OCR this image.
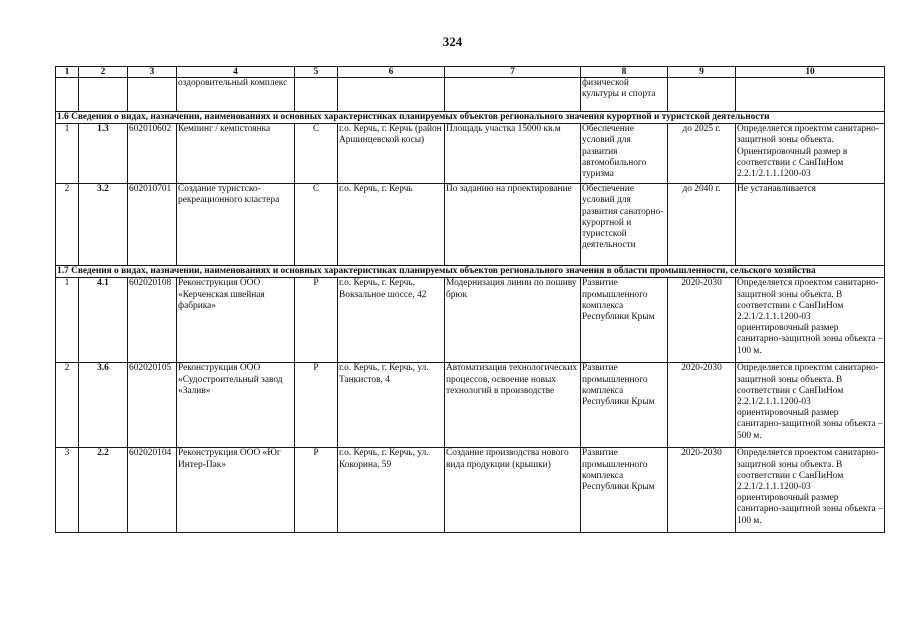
324
1	2	3	4	5	6	7	8	9	10
			оздоровительный комплекс				физической культуры и спорта		
1.6 Сведения о видах, назначении, наименованиях и основных характеристиках планируемых объектов регионального значения курортной и туристской деятельности									
1	1.3	602010602	Кемпинг / кемпстоянка	С	г.о. Керчь, г. Керчь (район Аршинцевской косы)	Площадь участка 15000 кв.м	Обеспечение условий для развития автомобильного туризма	до 2025 г.	Определяется проектом санитарно-защитной зоны объекта. Ориентировочный размер в соответствии с СанПиНом 2.2.1/2.1.1.1200-03
2	3.2	602010701	Создание туристско-рекреационного кластера	С	г.о. Керчь, г. Керчь	По заданию на проектирование	Обеспечение условий для развития санаторно-курортной и туристской деятельности	до 2040 г.	Не устанавливается
1.7 Сведения о видах, назначении, наименованиях и основных характеристиках планируемых объектов регионального значения в области промышленности, сельского хозяйства									
1	4.1	602020108	Реконструкция ООО «Керченская швейная фабрика»	Р	г.о. Керчь, г. Керчь, Вокзальное шоссе, 42	Модернизация линии по пошиву брюк	Развитие промышленного комплекса Республики Крым	2020-2030	Определяется проектом санитарно-защитной зоны объекта. В соответствии с СанПиНом 2.2.1/2.1.1.1200-03 ориентировочный размер санитарно-защитной зоны объекта – 100 м.
2	3.6	602020105	Реконструкция ООО «Судостроительный завод «Залив»	Р	г.о. Керчь, г. Керчь, ул. Танкистов, 4	Автоматизация технологических процессов, освоение новых технологий в производстве	Развитие промышленного комплекса Республики Крым	2020-2030	Определяется проектом санитарно-защитной зоны объекта. В соответствии с СанПиНом 2.2.1/2.1.1.1200-03 ориентировочный размер санитарно-защитной зоны объекта – 500 м.
3	2.2	602020104	Реконструкция ООО «Юг Интер-Пак»	Р	г.о. Керчь, г. Керчь, ул. Кокорина, 59	Создание производства нового вида продукции (крышки)	Развитие промышленного комплекса Республики Крым	2020-2030	Определяется проектом санитарно-защитной зоны объекта. В соответствии с СанПиНом 2.2.1/2.1.1.1200-03 ориентировочный размер санитарно-защитной зоны объекта – 100 м.
